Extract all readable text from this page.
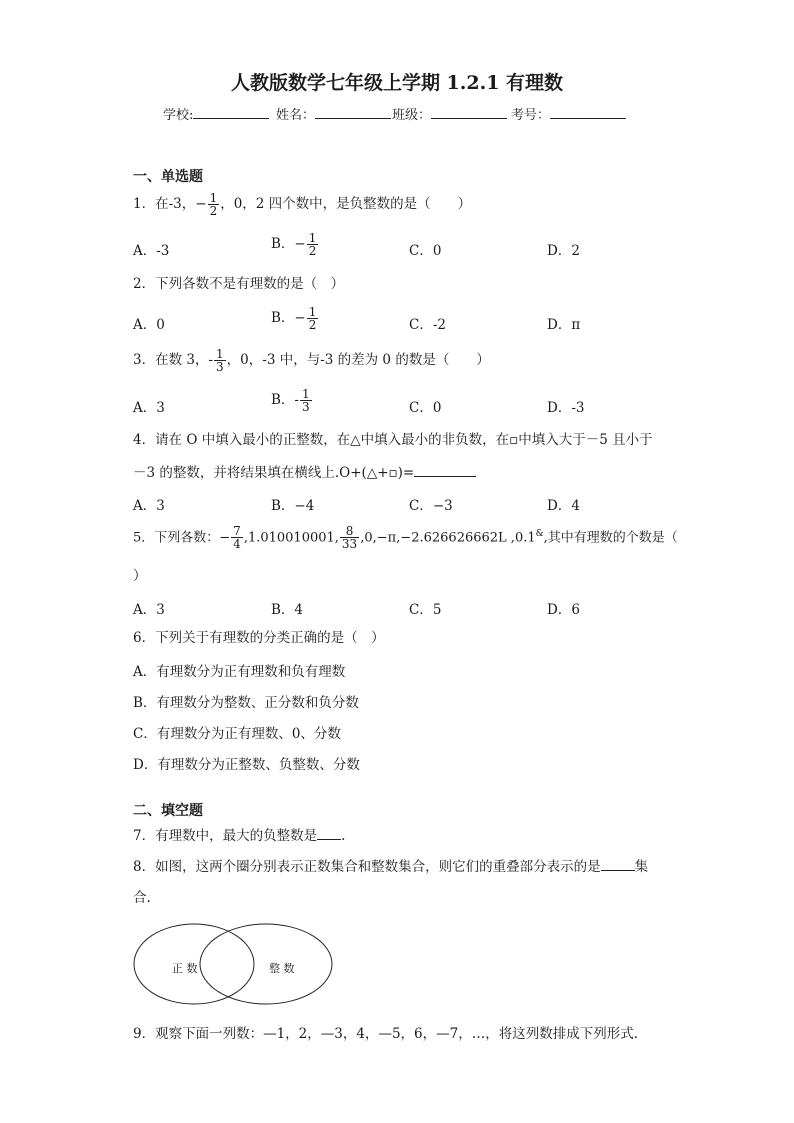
人教版数学七年级上学期 1.2.1 有理数
学校:	姓名：	班级：	考号：
一、单选题
1．在-3，− $\frac{1}{2}$ ，0，2 四个数中，是负整数的是（　　）
A．-3	B．− $\frac{1}{2}$	C．0	D．2
2．下列各数不是有理数的是（　）
A．0	B．− $\frac{1}{2}$	C．-2	D．π
3．在数 3，- $\frac{1}{3}$ ，0，-3 中，与-3 的差为 0 的数是（　　）
A．3	B．- $\frac{1}{3}$	C．0	D．-3
4．请在 O 中填入最小的正整数，在△中填入最小的非负数，在▫中填入大于－5 且小于
－3 的整数，并将结果填在横线上.O+(△+▫)=
A．3	B．−4	C．−3	D．4
5．下列各数：− $\frac{7}{4} ,1.010010001$, $\frac{8}{33} ,0,-\pi,-2.626626662L$ ,0.1&,其中有理数的个数是（
）
A．3	B．4	C．5	D．6
6．下列关于有理数的分类正确的是（　）
A．有理数分为正有理数和负有理数
B．有理数分为整数、正分数和负分数
C．有理数分为正有理数、0、分数
D．有理数分为正整数、负整数、分数
二、填空题
7．有理数中，最大的负整数是 .
8．如图，这两个圈分别表示正数集合和整数集合，则它们的重叠部分表示的是	集
合.
正 数	整 数
9．观察下面一列数：—1，2，—3，4，—5，6，—7，…，将这列数排成下列形式.
